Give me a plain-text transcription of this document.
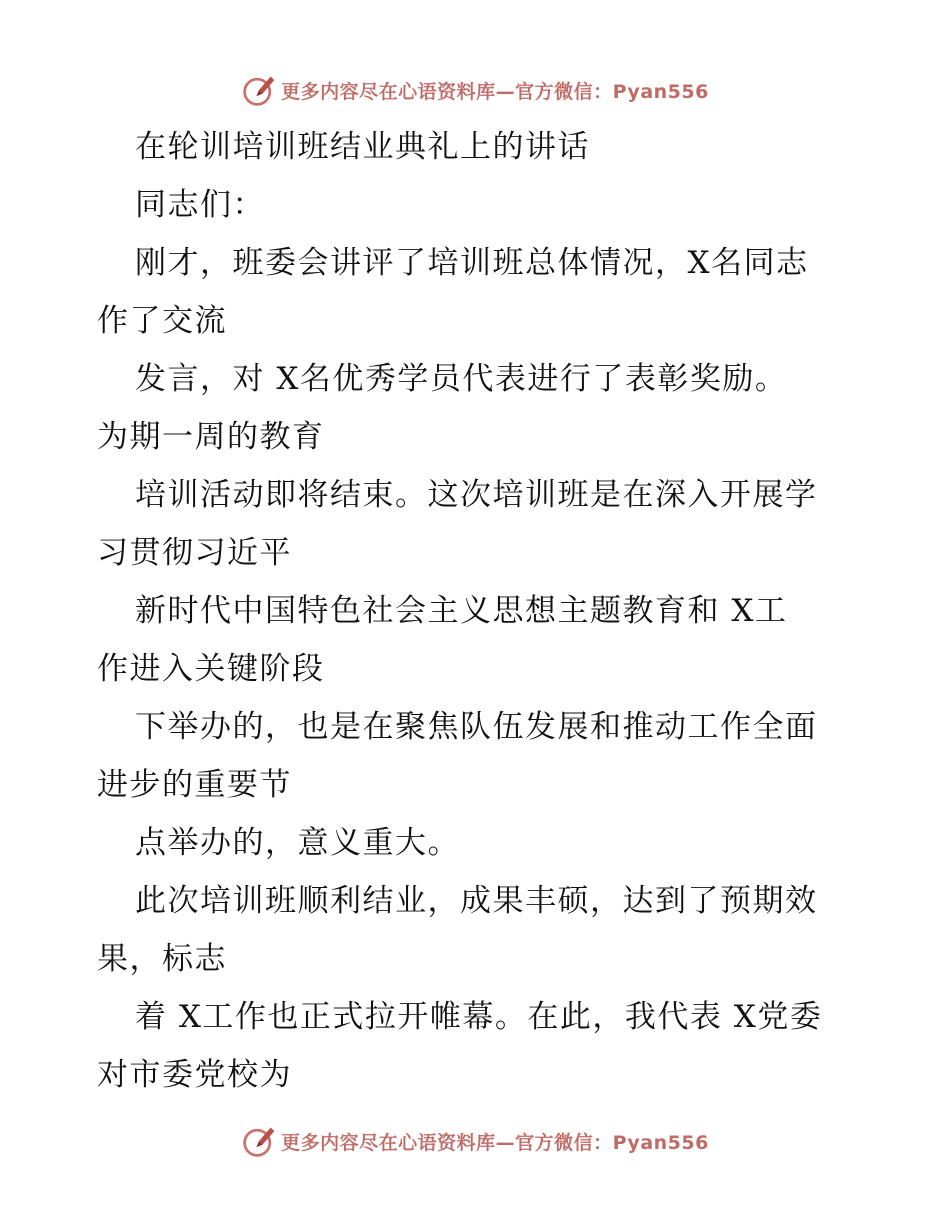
更多内容尽在心语资料库—官方微信：Pyan556
在轮训培训班结业典礼上的讲话
同志们：
刚才，班委会讲评了培训班总体情况，X名同志
作了交流
发言，对 X名优秀学员代表进行了表彰奖励。
为期一周的教育
培训活动即将结束。这次培训班是在深入开展学
习贯彻习近平
新时代中国特色社会主义思想主题教育和 X工
作进入关键阶段
下举办的，也是在聚焦队伍发展和推动工作全面
进步的重要节
点举办的，意义重大。
此次培训班顺利结业，成果丰硕，达到了预期效
果，标志
着 X工作也正式拉开帷幕。在此，我代表 X党委
对市委党校为
更多内容尽在心语资料库—官方微信：Pyan556
